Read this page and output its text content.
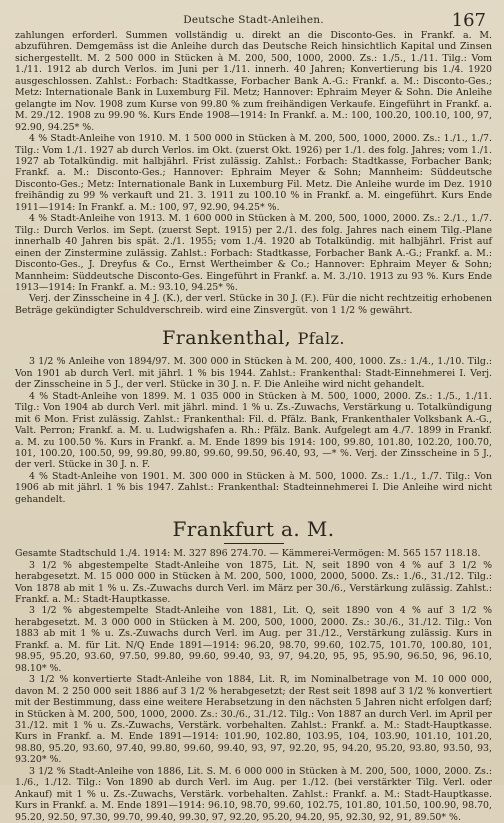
Deutsche Stadt-Anleihen.	167

zahlungen erforderl. Summen vollständig u. direkt an die Disconto-Ges. in Frankf. a. M. abzuführen. Demgemäss ist die Anleihe durch das Deutsche Reich hinsichtlich Kapital und Zinsen sichergestellt. M. 2 500 000 in Stücken à M. 200, 500, 1000, 2000. Zs.: 1./5., 1./11. Tilg.: Vom 1./11. 1912 ab durch Verlos. im Juni per 1./11. innerh. 40 Jahren; Konvertierung bis 1./4. 1920 ausgeschlossen. Zahlst.: Forbach: Stadtkasse, Forbacher Bank A.-G.: Frankf. a. M.: Disconto-Ges.; Metz: Internationale Bank in Luxemburg Fil. Metz; Hannover: Ephraim Meyer & Sohn. Die Anleihe gelangte im Nov. 1908 zum Kurse von 99.80 % zum freihändigen Verkaufe. Eingeführt in Frankf. a. M. 29./12. 1908 zu 99.90 %. Kurs Ende 1908—1914: In Frankf. a. M.: 100, 100.20, 100.10, 100, 97, 92.90, 94.25* %.

4 % Stadt-Anleihe von 1910. M. 1 500 000 in Stücken à M. 200, 500, 1000, 2000. Zs.: 1./1., 1./7. Tilg.: Vom 1./1. 1927 ab durch Verlos. im Okt. (zuerst Okt. 1926) per 1./1. des folg. Jahres; vom 1./1. 1927 ab Totalkündig. mit halbjährl. Frist zulässig. Zahlst.: Forbach: Stadtkasse, Forbacher Bank; Frankf. a. M.: Disconto-Ges.; Hannover: Ephraim Meyer & Sohn; Mannheim: Süddeutsche Disconto-Ges.; Metz: Internationale Bank in Luxemburg Fil. Metz. Die Anleihe wurde im Dez. 1910 freihändig zu 99 % verkauft und 21. 3. 1911 zu 100.10 % in Frankf. a. M. eingeführt. Kurs Ende 1911—1914: In Frankf. a. M.: 100, 97, 92.90, 94.25* %.

4 % Stadt-Anleihe von 1913. M. 1 600 000 in Stücken à M. 200, 500, 1000, 2000. Zs.: 2./1., 1./7. Tilg.: Durch Verlos. im Sept. (zuerst Sept. 1915) per 2./1. des folg. Jahres nach einem Tilg.-Plane innerhalb 40 Jahren bis spät. 2./1. 1955; vom 1./4. 1920 ab Totalkündig. mit halbjährl. Frist auf einen der Zinstermine zulässig. Zahlst.: Forbach: Stadtkasse, Forbacher Bank A.-G.; Frankf. a. M.: Disconto-Ges., J. Dreyfus & Co., Ernst Wertheimber & Co.; Hannover: Ephraim Meyer & Sohn; Mannheim: Süddeutsche Disconto-Ges. Eingeführt in Frankf. a. M. 3./10. 1913 zu 93 %. Kurs Ende 1913—1914: In Frankf. a. M.: 93.10, 94.25* %.

Verj. der Zinsscheine in 4 J. (K.), der verl. Stücke in 30 J. (F.). Für die nicht rechtzeitig erhobenen Beträge gekündigter Schuldverschreib. wird eine Zinsvergüt. von 1 1/2 % gewährt.

Frankenthal, Pfalz.

3 1/2 % Anleihe von 1894/97. M. 300 000 in Stücken à M. 200, 400, 1000. Zs.: 1./4., 1./10. Tilg.: Von 1901 ab durch Verl. mit jährl. 1 % bis 1944. Zahlst.: Frankenthal: Stadt-Einnehmerei I. Verj. der Zinsscheine in 5 J., der verl. Stücke in 30 J. n. F. Die Anleihe wird nicht gehandelt.

4 % Stadt-Anleihe von 1899. M. 1 035 000 in Stücken à M. 500, 1000, 2000. Zs.: 1./5., 1./11. Tilg.: Von 1904 ab durch Verl. mit jährl. mind. 1 % u. Zs.-Zuwachs, Verstärkung u. Totalkündigung mit 6 Mon. Frist zulässig. Zahlst.: Frankenthal: Fil. d. Pfälz. Bank, Frankenthaler Volksbank A.-G., Valt. Perron; Frankf. a. M. u. Ludwigshafen a. Rh.: Pfälz. Bank. Aufgelegt am 4./7. 1899 in Frankf. a. M. zu 100.50 %. Kurs in Frankf. a. M. Ende 1899 bis 1914: 100, 99.80, 101.80, 102.20, 100.70, 101, 100.20, 100.50, 99, 99.80, 99.80, 99.60, 99.50, 96.40, 93, —* %. Verj. der Zinsscheine in 5 J., der verl. Stücke in 30 J. n. F.

4 % Stadt-Anleihe von 1901. M. 300 000 in Stücken à M. 500, 1000. Zs.: 1./1., 1./7. Tilg.: Von 1906 ab mit jährl. 1 % bis 1947. Zahlst.: Frankenthal: Stadteinnehmerei I. Die Anleihe wird nicht gehandelt.

Frankfurt a. M.

Gesamte Stadtschuld 1./4. 1914: M. 327 896 274.70. — Kämmerei-Vermögen: M. 565 157 118.18.

3 1/2 % abgestempelte Stadt-Anleihe von 1875, Lit. N, seit 1890 von 4 % auf 3 1/2 % herabgesetzt. M. 15 000 000 in Stücken à M. 200, 500, 1000, 2000, 5000. Zs.: 1./6., 31./12. Tilg.: Von 1878 ab mit 1 % u. Zs.-Zuwachs durch Verl. im März per 30./6., Verstärkung zulässig. Zahlst.: Frankf. a. M.: Stadt-Hauptkasse.

3 1/2 % abgestempelte Stadt-Anleihe von 1881, Lit. Q, seit 1890 von 4 % auf 3 1/2 % herabgesetzt. M. 3 000 000 in Stücken à M. 200, 500, 1000, 2000. Zs.: 30./6., 31./12. Tilg.: Von 1883 ab mit 1 % u. Zs.-Zuwachs durch Verl. im Aug. per 31./12., Verstärkung zulässig. Kurs in Frankf. a. M. für Lit. N/Q Ende 1891—1914: 96.20, 98.70, 99.60, 102.75, 101.70, 100.80, 101, 98.95, 95.20, 93.60, 97.50, 99.80, 99.60, 99.40, 93, 97, 94.20, 95, 95, 95.90, 96.50, 96, 96.10, 98.10* %.

3 1/2 % konvertierte Stadt-Anleihe von 1884, Lit. R, im Nominalbetrage von M. 10 000 000, davon M. 2 250 000 seit 1886 auf 3 1/2 % herabgesetzt; der Rest seit 1898 auf 3 1/2 % konvertiert mit der Bestimmung, dass eine weitere Herabsetzung in den nächsten 5 Jahren nicht erfolgen darf; in Stücken à M. 200, 500, 1000, 2000. Zs.: 30./6., 31./12. Tilg.: Von 1887 an durch Verl. im April per 31./12. mit 1 % u. Zs.-Zuwachs, Verstärk. vorbehalten. Zahlst.: Frankf. a. M.: Stadt-Hauptkasse. Kurs in Frankf. a. M. Ende 1891—1914: 101.90, 102.80, 103.95, 104, 103.90, 101.10, 101.20, 98.80, 95.20, 93.60, 97.40, 99.80, 99.60, 99.40, 93, 97, 92.20, 95, 94.20, 95.20, 93.80, 93.50, 93, 93.20* %.

3 1/2 % Stadt-Anleihe von 1886, Lit. S. M. 6 000 000 in Stücken à M. 200, 500, 1000, 2000. Zs.: 1./6., 1./12. Tilg.: Von 1890 ab durch Verl. im Aug. per 1./12. (bei verstärkter Tilg. Verl. oder Ankauf) mit 1 % u. Zs.-Zuwachs, Verstärk. vorbehalten. Zahlst.: Frankf. a. M.: Stadt-Hauptkasse. Kurs in Frankf. a. M. Ende 1891—1914: 96.10, 98.70, 99.60, 102.75, 101.80, 101.50, 100.90, 98.70, 95.20, 92.50, 97.30, 99.70, 99.40, 99.30, 97, 92.20, 95.20, 94.20, 95, 92.30, 92, 91, 89.50* %.
